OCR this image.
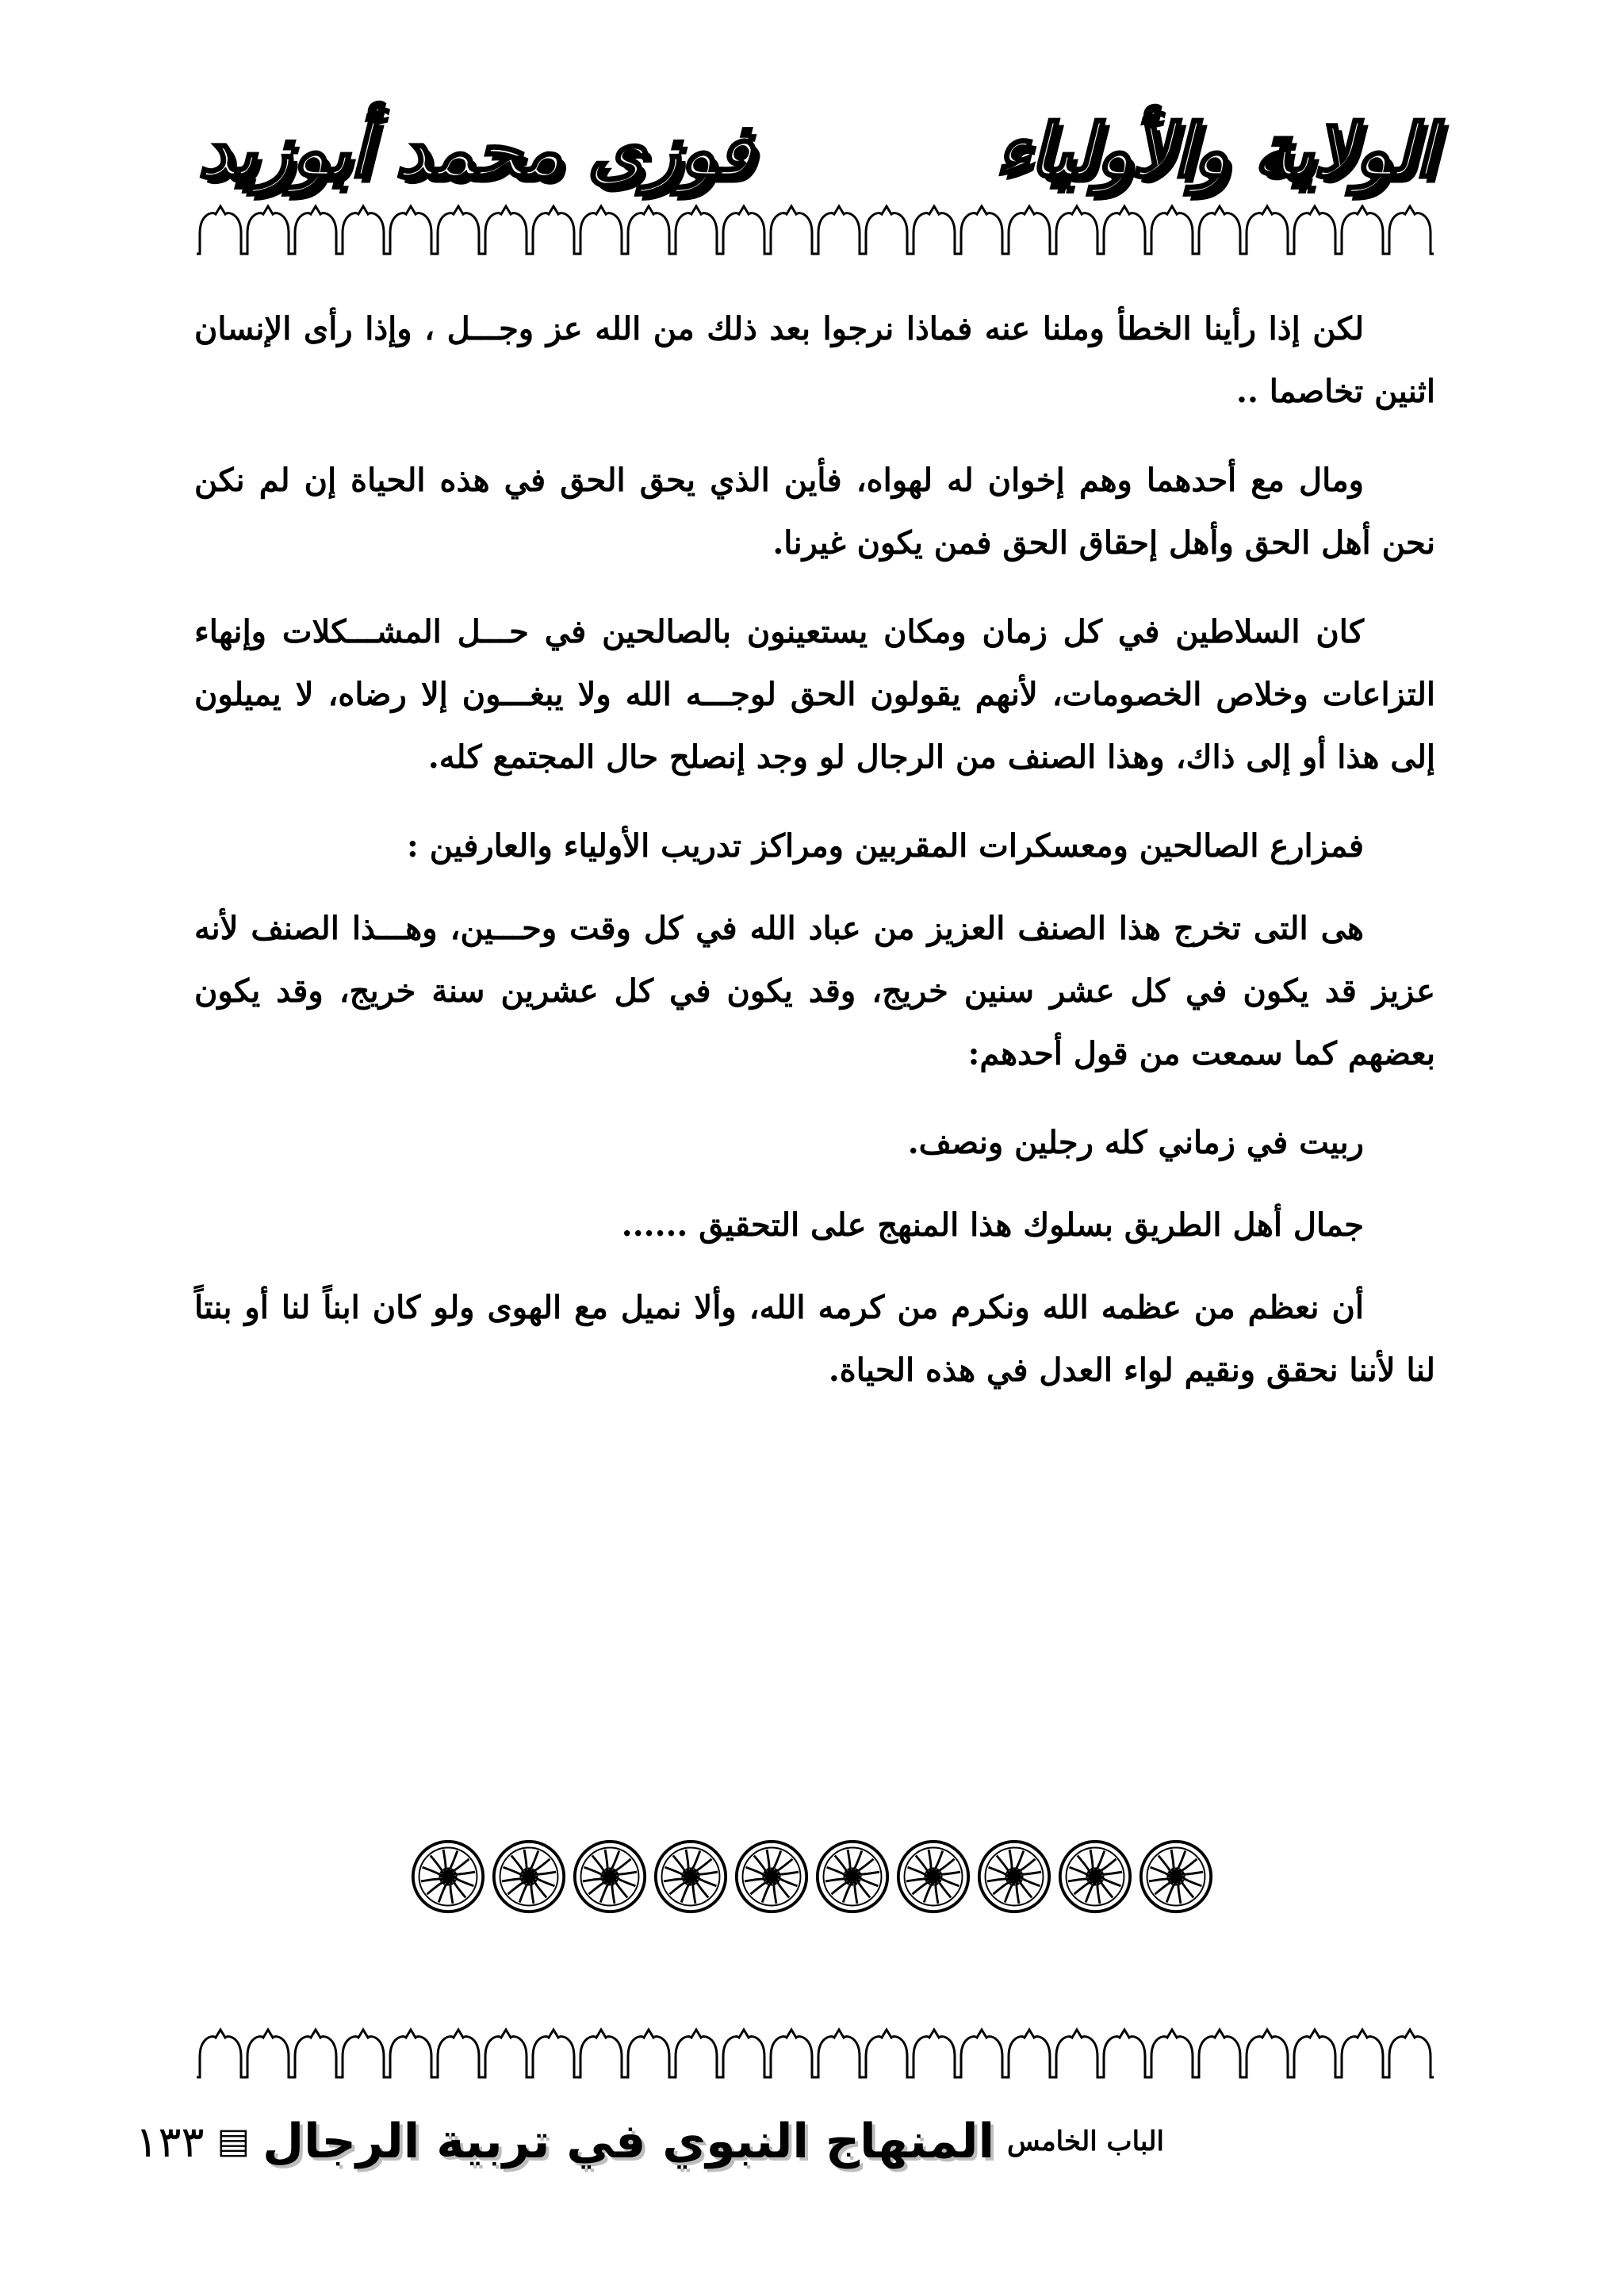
الولاية والأولياء
فوزى محمد أبوزيد

لكن إذا رأينا الخطأ وملنا عنه فماذا نرجوا بعد ذلك من الله عز وجـــل ، وإذا رأى الإنسان اثنين تخاصما ..

ومال مع أحدهما وهم إخوان له لهواه، فأين الذي يحق الحق في هذه الحياة إن لم نكن نحن أهل الحق وأهل إحقاق الحق فمن يكون غيرنا.

كان السلاطين في كل زمان ومكان يستعينون بالصالحين في حـــل المشـــكلات وإنهاء التزاعات وخلاص الخصومات، لأنهم يقولون الحق لوجـــه الله ولا يبغـــون إلا رضاه، لا يميلون إلى هذا أو إلى ذاك، وهذا الصنف من الرجال لو وجد إنصلح حال المجتمع كله.

فمزارع الصالحين ومعسكرات المقربين ومراكز تدريب الأولياء والعارفين :

هى التى تخرج هذا الصنف العزيز من عباد الله في كل وقت وحـــين، وهـــذا الصنف لأنه عزيز قد يكون في كل عشر سنين خريج، وقد يكون في كل عشرين سنة خريج، وقد يكون بعضهم كما سمعت من قول أحدهم:

ربيت في زماني كله رجلين ونصف.

جمال أهل الطريق بسلوك هذا المنهج على التحقيق ......

أن نعظم من عظمه الله ونكرم من كرمه الله، وألا نميل مع الهوى ولو كان ابناً لنا أو بنتاً لنا لأننا نحقق ونقيم لواء العدل في هذه الحياة.

الباب الخامس
المنهاج النبوي في تربية الرجال
▤
١٣٣
